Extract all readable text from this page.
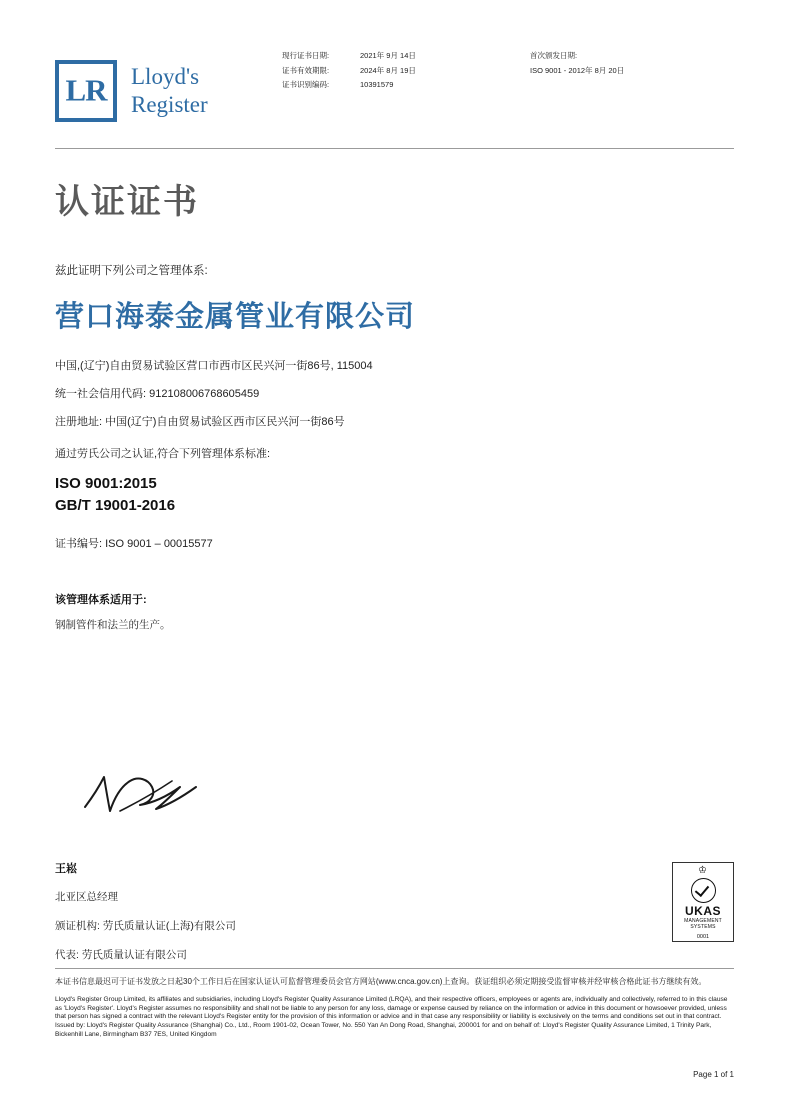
LR Lloyd's
Register
现行证书日期:	2021年 9月 14日
证书有效期限:	2024年 8月 19日
证书识别编码:	10391579
首次颁发日期:
ISO 9001 - 2012年 8月 20日
认证证书
兹此证明下列公司之管理体系:
营口海泰金属管业有限公司
中国,(辽宁)自由贸易试验区营口市西市区民兴河一街86号, 115004
统一社会信用代码: 912108006768605459
注册地址: 中国(辽宁)自由贸易试验区西市区民兴河一街86号
通过劳氏公司之认证,符合下列管理体系标准:
ISO 9001:2015
GB/T 19001-2016
证书编号: ISO 9001 – 00015577
该管理体系适用于:
钢制管件和法兰的生产。
王崧
北亚区总经理
颁证机构: 劳氏质量认证(上海)有限公司
代表: 劳氏质量认证有限公司
♔
UKAS
MANAGEMENT
SYSTEMS
0001
本证书信息最迟可于证书发放之日起30个工作日后在国家认证认可监督管理委员会官方网站(www.cnca.gov.cn)上查询。获证组织必须定期接受监督审核并经审核合格此证书方继续有效。
Lloyd's Register Group Limited, its affiliates and subsidiaries, including Lloyd's Register Quality Assurance Limited (LRQA), and their respective officers, employees or agents are, individually and collectively, referred to in this clause as 'Lloyd's Register'. Lloyd's Register assumes no responsibility and shall not be liable to any person for any loss, damage or expense caused by reliance on the information or advice in this document or howsoever provided, unless that person has signed a contract with the relevant Lloyd's Register entity for the provision of this information or advice and in that case any responsibility or liability is exclusively on the terms and conditions set out in that contract.
Issued by: Lloyd's Register Quality Assurance (Shanghai) Co., Ltd., Room 1901-02, Ocean Tower, No. 550 Yan An Dong Road, Shanghai, 200001 for and on behalf of: Lloyd's Register Quality Assurance Limited, 1 Trinity Park, Bickenhill Lane, Birmingham B37 7ES, United Kingdom
Page 1 of 1
